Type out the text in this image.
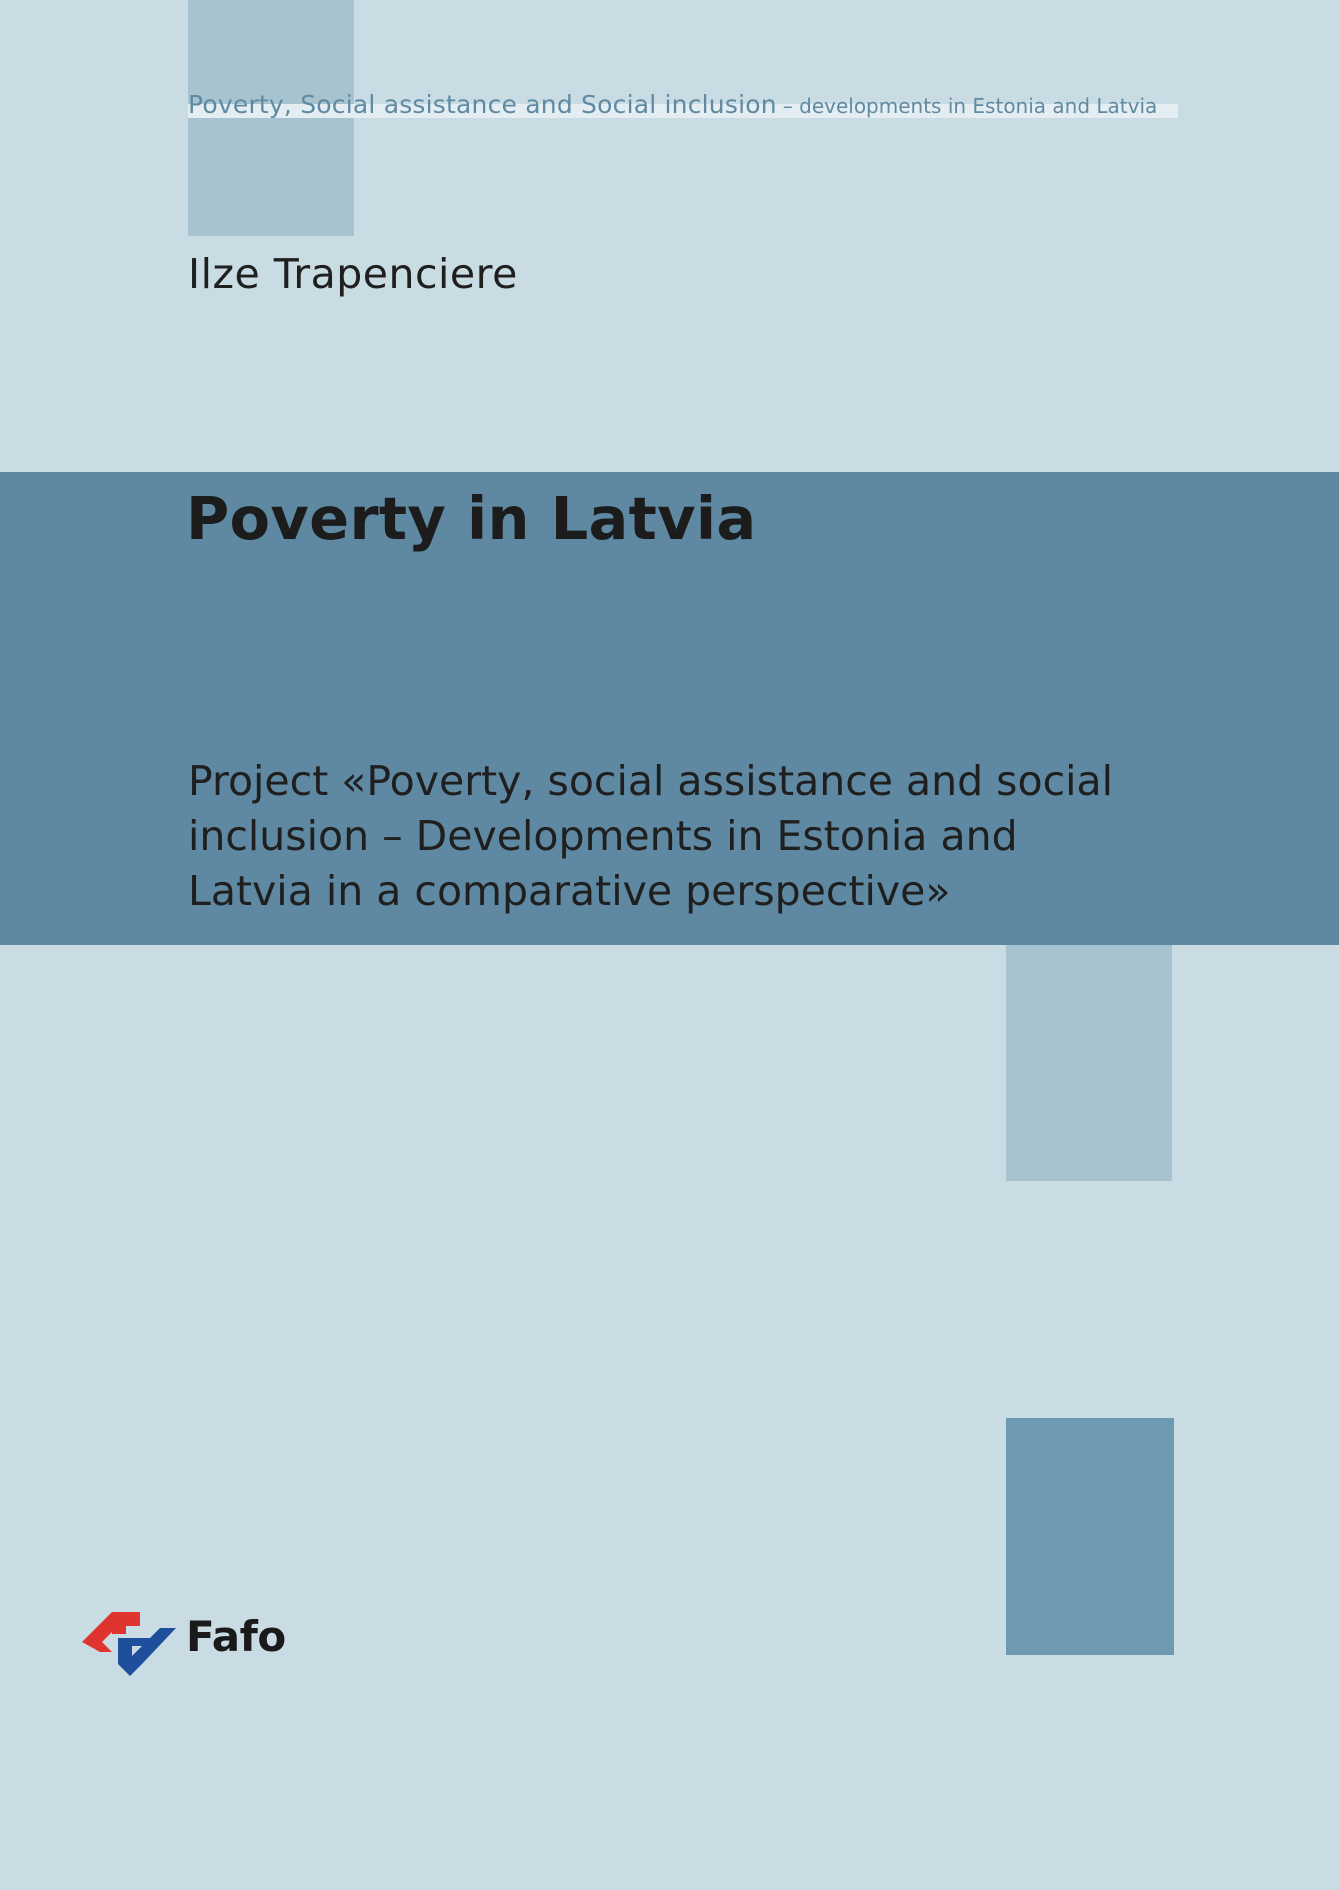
Poverty, Social assistance and Social inclusion – developments in Estonia and Latvia
Ilze Trapenciere
Poverty in Latvia
Project «Poverty, social assistance and social
inclusion – Developments in Estonia and
Latvia in a comparative perspective»
Fafo
